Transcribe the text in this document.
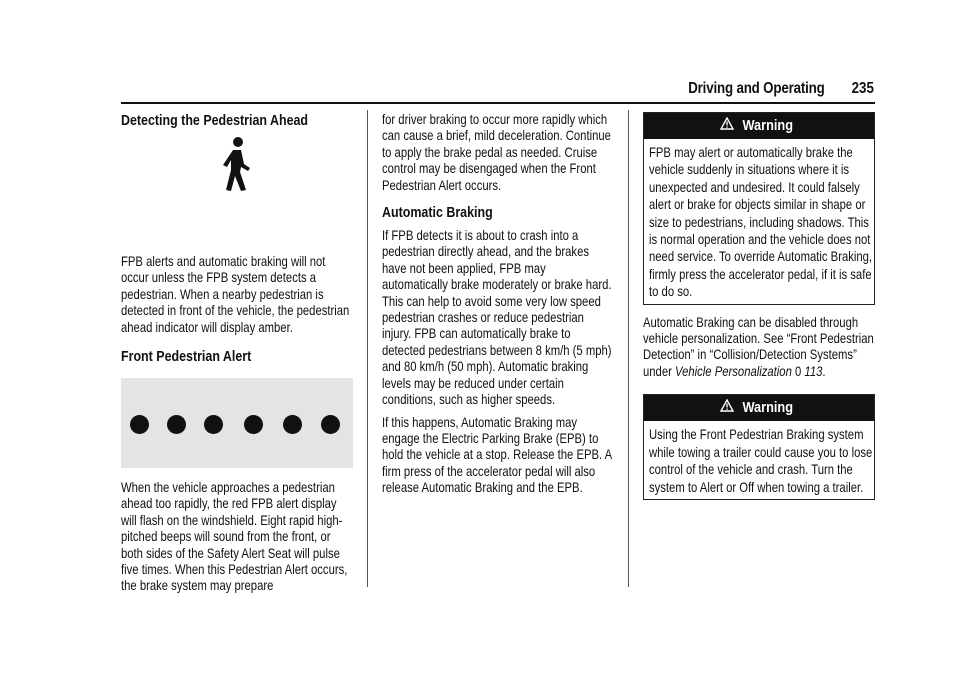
Driving and Operating 235
Detecting the Pedestrian Ahead
FPB alerts and automatic braking will not occur unless the FPB system detects a pedestrian. When a nearby pedestrian is detected in front of the vehicle, the pedestrian ahead indicator will display amber.
Front Pedestrian Alert
When the vehicle approaches a pedestrian ahead too rapidly, the red FPB alert display will flash on the windshield. Eight rapid high-pitched beeps will sound from the front, or both sides of the Safety Alert Seat will pulse five times. When this Pedestrian Alert occurs, the brake system may prepare
for driver braking to occur more rapidly which can cause a brief, mild deceleration. Continue to apply the brake pedal as needed. Cruise control may be disengaged when the Front Pedestrian Alert occurs.
Automatic Braking
If FPB detects it is about to crash into a pedestrian directly ahead, and the brakes have not been applied, FPB may automatically brake moderately or brake hard. This can help to avoid some very low speed pedestrian crashes or reduce pedestrian injury. FPB can automatically brake to detected pedestrians between 8 km/h (5 mph) and 80 km/h (50 mph). Automatic braking levels may be reduced under certain conditions, such as higher speeds.
If this happens, Automatic Braking may engage the Electric Parking Brake (EPB) to hold the vehicle at a stop. Release the EPB. A firm press of the accelerator pedal will also release Automatic Braking and the EPB.
Warning
FPB may alert or automatically brake the vehicle suddenly in situations where it is unexpected and undesired. It could falsely alert or brake for objects similar in shape or size to pedestrians, including shadows. This is normal operation and the vehicle does not need service. To override Automatic Braking, firmly press the accelerator pedal, if it is safe to do so.
Automatic Braking can be disabled through vehicle personalization. See “Front Pedestrian Detection” in “Collision/Detection Systems” under Vehicle Personalization 0 113.
Warning
Using the Front Pedestrian Braking system while towing a trailer could cause you to lose control of the vehicle and crash. Turn the system to Alert or Off when towing a trailer.
